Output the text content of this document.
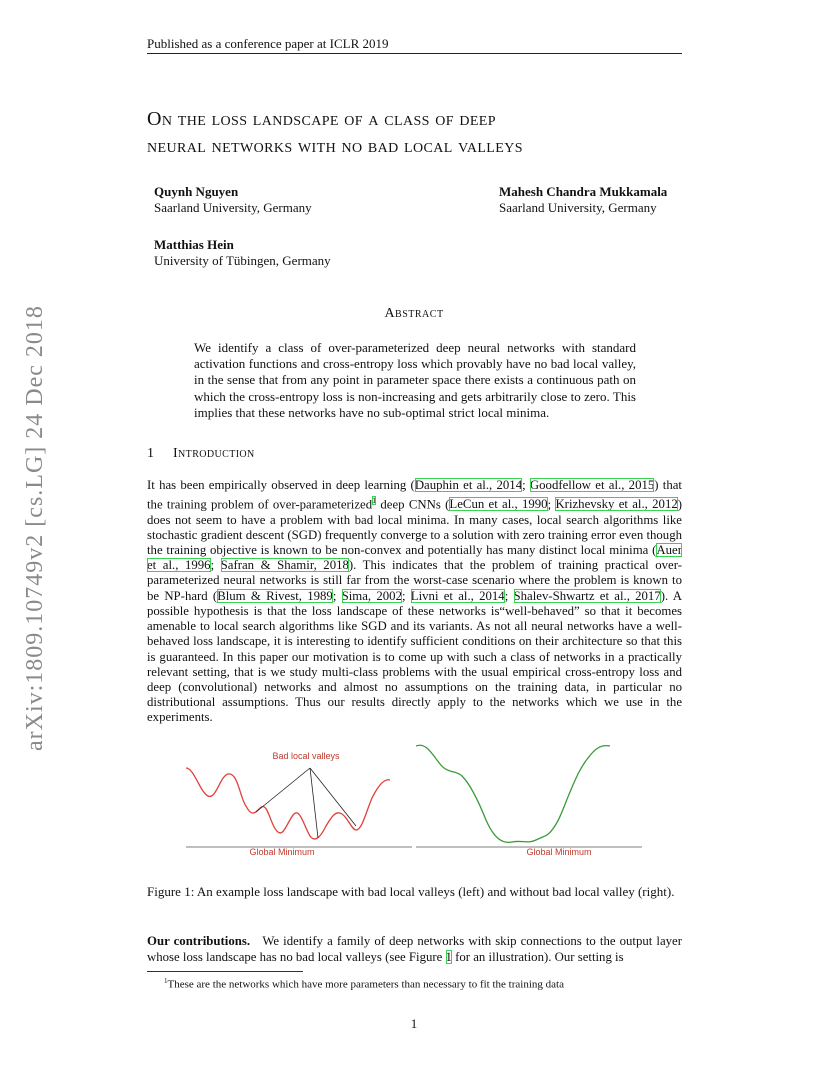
Published as a conference paper at ICLR 2019
On the loss landscape of a class of deep
neural networks with no bad local valleys
Quynh Nguyen
Saarland University, Germany
Mahesh Chandra Mukkamala
Saarland University, Germany
Matthias Hein
University of Tübingen, Germany
arXiv:1809.10749v2 [cs.LG] 24 Dec 2018	Abstract
We identify a class of over-parameterized deep neural networks with standard activation functions and cross-entropy loss which provably have no bad local valley, in the sense that from any point in parameter space there exists a continuous path on which the cross-entropy loss is non-increasing and gets arbitrarily close to zero. This implies that these networks have no sub-optimal strict local minima.
1 Introduction
It has been empirically observed in deep learning (Dauphin et al., 2014; Goodfellow et al., 2015) that the training problem of over-parameterized$^1$ deep CNNs (LeCun et al., 1990; Krizhevsky et al., 2012) does not seem to have a problem with bad local minima. In many cases, local search algorithms like stochastic gradient descent (SGD) frequently converge to a solution with zero training error even though the training objective is known to be non-convex and potentially has many distinct local minima (Auer et al., 1996; Safran & Shamir, 2018). This indicates that the problem of training practical over-parameterized neural networks is still far from the worst-case scenario where the problem is known to be NP-hard (Blum & Rivest, 1989; Sima, 2002; Livni et al., 2014; Shalev-Shwartz et al., 2017). A possible hypothesis is that the loss landscape of these networks is“well-behaved” so that it becomes amenable to local search algorithms like SGD and its variants. As not all neural networks have a well-behaved loss landscape, it is interesting to identify sufficient conditions on their architecture so that this is guaranteed. In this paper our motivation is to come up with such a class of networks in a practically relevant setting, that is we study multi-class problems with the usual empirical cross-entropy loss and deep (convolutional) networks and almost no assumptions on the training data, in particular no distributional assumptions. Thus our results directly apply to the networks which we use in the experiments.
Bad local valleys
Global Minimum	Global Minimum
Figure 1: An example loss landscape with bad local valleys (left) and without bad local valley (right).
Our contributions. We identify a family of deep networks with skip connections to the output layer whose loss landscape has no bad local valleys (see Figure 1 for an illustration). Our setting is
$^1$These are the networks which have more parameters than necessary to fit the training data
1
